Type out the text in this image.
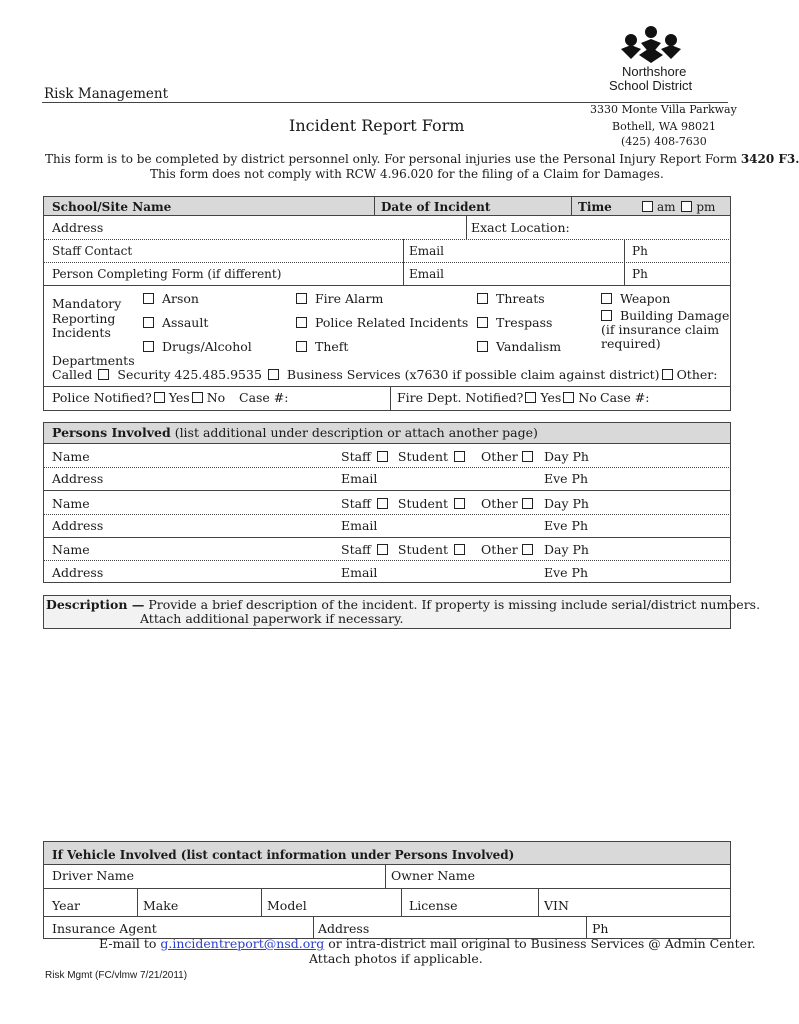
Northshore
School District
Risk Management
3330 Monte Villa Parkway
Incident Report Form	Bothell, WA 98021
(425) 408-7630
This form is to be completed by district personnel only. For personal injuries use the Personal Injury Report Form 3420 F3.
This form does not comply with RCW 4.96.020 for the filing of a Claim for Damages.
School/Site Name	Date of Incident	Time	am pm
Address	Exact Location:
Staff Contact	Email	Ph
Person Completing Form (if different)	Email	Ph
Mandatory
Reporting
Incidents
Arson	Fire Alarm	Threats	Weapon
Assault	Police Related Incidents	Trespass	Building Damage
(if insurance claim
required)
Drugs/Alcohol	Theft	Vandalism
Departments
Called Security 425.485.9535 Business Services (x7630 if possible claim against district) Other:
Police Notified? Yes No Case #:	Fire Dept. Notified? Yes No Case #:
Persons Involved (list additional under description or attach another page)
Name	Staff Student	Other	Day Ph
Address	Email	Eve Ph
Name	Staff Student	Other	Day Ph
Address	Email	Eve Ph
Name	Staff Student	Other	Day Ph
Address	Email	Eve Ph
Description — Provide a brief description of the incident. If property is missing include serial/district numbers.
Attach additional paperwork if necessary.
If Vehicle Involved (list contact information under Persons Involved)
Driver Name	Owner Name
Year	Make	Model	License	VIN
Insurance Agent	Address	Ph
E-mail to g.incidentreport@nsd.org or intra-district mail original to Business Services @ Admin Center.
Attach photos if applicable.
Risk Mgmt (FC/vlmw 7/21/2011)
